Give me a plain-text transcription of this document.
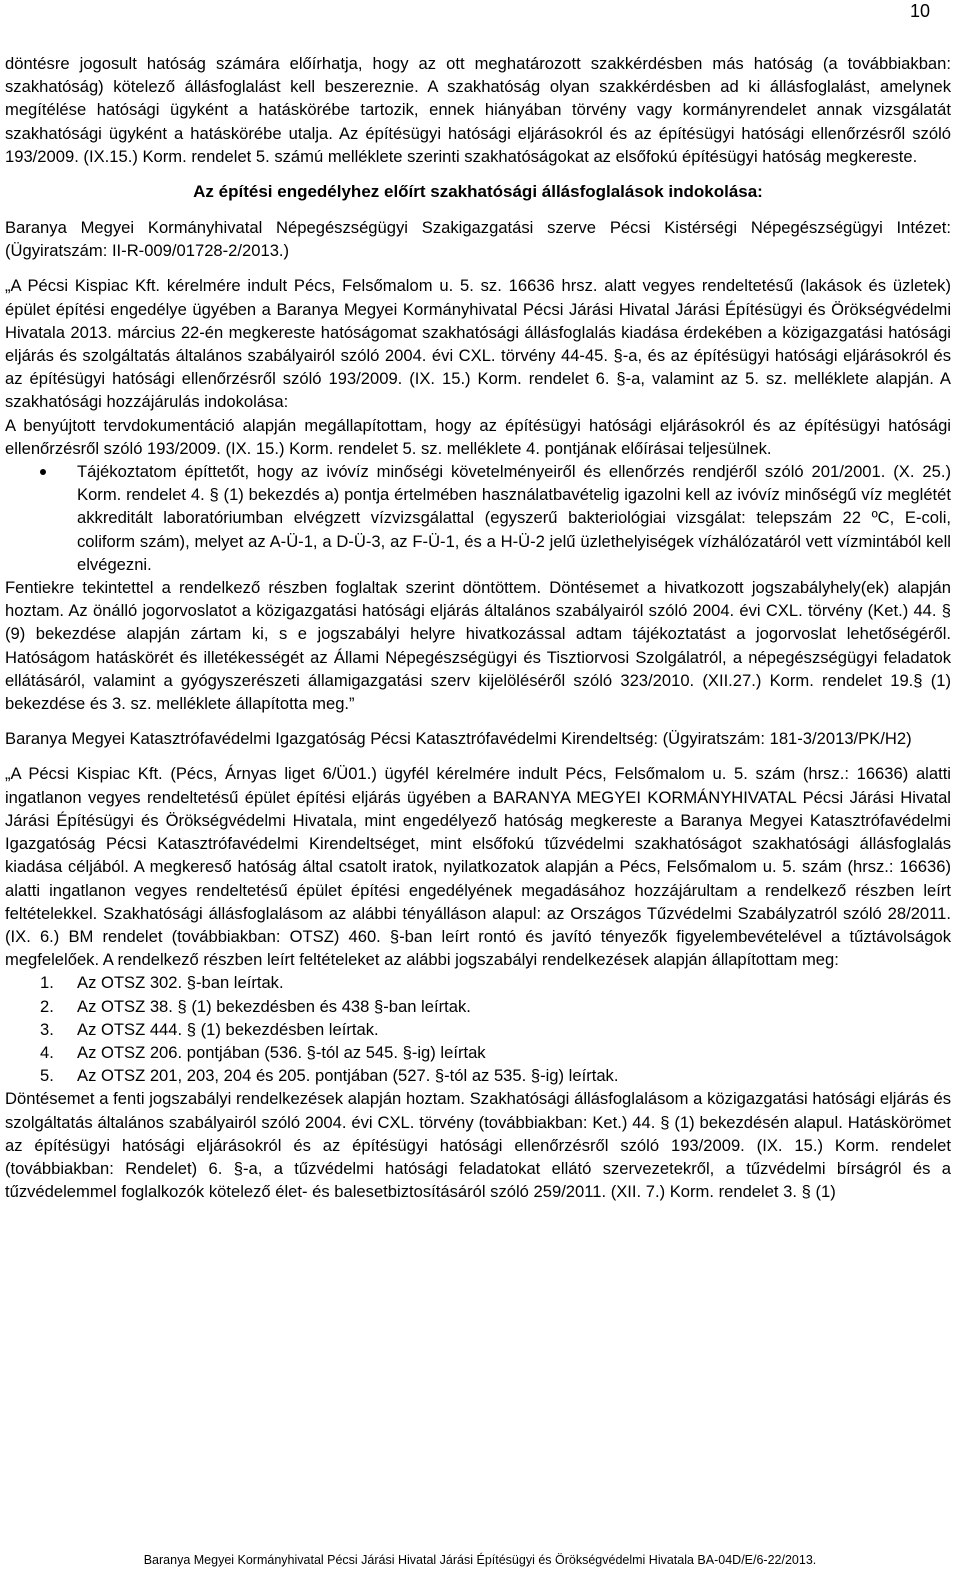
10

döntésre jogosult hatóság számára előírhatja, hogy az ott meghatározott szakkérdésben más hatóság (a továbbiakban: szakhatóság) kötelező állásfoglalást kell beszereznie. A szakhatóság olyan szakkérdésben ad ki állásfoglalást, amelynek megítélése hatósági ügyként a hatáskörébe tartozik, ennek hiányában törvény vagy kormányrendelet annak vizsgálatát szakhatósági ügyként a hatáskörébe utalja. Az építésügyi hatósági eljárásokról és az építésügyi hatósági ellenőrzésről szóló 193/2009. (IX.15.) Korm. rendelet 5. számú melléklete szerinti szakhatóságokat az elsőfokú építésügyi hatóság megkereste.

Az építési engedélyhez előírt szakhatósági állásfoglalások indokolása:

Baranya Megyei Kormányhivatal Népegészségügyi Szakigazgatási szerve Pécsi Kistérségi Népegészségügyi Intézet: (Ügyiratszám: II-R-009/01728-2/2013.)

„A Pécsi Kispiac Kft. kérelmére indult Pécs, Felsőmalom u. 5. sz. 16636 hrsz. alatt vegyes rendeltetésű (lakások és üzletek) épület építési engedélye ügyében a Baranya Megyei Kormányhivatal Pécsi Járási Hivatal Járási Építésügyi és Örökségvédelmi Hivatala 2013. március 22-én megkereste hatóságomat szakhatósági állásfoglalás kiadása érdekében a közigazgatási hatósági eljárás és szolgáltatás általános szabályairól szóló 2004. évi CXL. törvény 44-45. §-a, és az építésügyi hatósági eljárásokról és az építésügyi hatósági ellenőrzésről szóló 193/2009. (IX. 15.) Korm. rendelet 6. §-a, valamint az 5. sz. melléklete alapján. A szakhatósági hozzájárulás indokolása:

A benyújtott tervdokumentáció alapján megállapítottam, hogy az építésügyi hatósági eljárásokról és az építésügyi hatósági ellenőrzésről szóló 193/2009. (IX. 15.) Korm. rendelet 5. sz. melléklete 4. pontjának előírásai teljesülnek.

Tájékoztatom építtetőt, hogy az ivóvíz minőségi követelményeiről és ellenőrzés rendjéről szóló 201/2001. (X. 25.) Korm. rendelet 4. § (1) bekezdés a) pontja értelmében használatbavételig igazolni kell az ivóvíz minőségű víz meglétét akkreditált laboratóriumban elvégzett vízvizsgálattal (egyszerű bakteriológiai vizsgálat: telepszám 22 ºC, E-coli, coliform szám), melyet az A-Ü-1, a D-Ü-3, az F-Ü-1, és a H-Ü-2 jelű üzlethelyiségek vízhálózatáról vett vízmintából kell elvégezni.

Fentiekre tekintettel a rendelkező részben foglaltak szerint döntöttem. Döntésemet a hivatkozott jogszabályhely(ek) alapján hoztam. Az önálló jogorvoslatot a közigazgatási hatósági eljárás általános szabályairól szóló 2004. évi CXL. törvény (Ket.) 44. § (9) bekezdése alapján zártam ki, s e jogszabályi helyre hivatkozással adtam tájékoztatást a jogorvoslat lehetőségéről. Hatóságom hatáskörét és illetékességét az Állami Népegészségügyi és Tisztiorvosi Szolgálatról, a népegészségügyi feladatok ellátásáról, valamint a gyógyszerészeti államigazgatási szerv kijelöléséről szóló 323/2010. (XII.27.) Korm. rendelet 19.§ (1) bekezdése és 3. sz. melléklete állapította meg.”

Baranya Megyei Katasztrófavédelmi Igazgatóság Pécsi Katasztrófavédelmi Kirendeltség: (Ügyiratszám: 181-3/2013/PK/H2)

„A Pécsi Kispiac Kft. (Pécs, Árnyas liget 6/Ü01.) ügyfél kérelmére indult Pécs, Felsőmalom u. 5. szám (hrsz.: 16636) alatti ingatlanon vegyes rendeltetésű épület építési eljárás ügyében a BARANYA MEGYEI KORMÁNYHIVATAL Pécsi Járási Hivatal Járási Építésügyi és Örökségvédelmi Hivatala, mint engedélyező hatóság megkereste a Baranya Megyei Katasztrófavédelmi Igazgatóság Pécsi Katasztrófavédelmi Kirendeltséget, mint elsőfokú tűzvédelmi szakhatóságot szakhatósági állásfoglalás kiadása céljából. A megkereső hatóság által csatolt iratok, nyilatkozatok alapján a Pécs, Felsőmalom u. 5. szám (hrsz.: 16636) alatti ingatlanon vegyes rendeltetésű épület építési engedélyének megadásához hozzájárultam a rendelkező részben leírt feltételekkel. Szakhatósági állásfoglalásom az alábbi tényálláson alapul: az Országos Tűzvédelmi Szabályzatról szóló 28/2011. (IX. 6.) BM rendelet (továbbiakban: OTSZ) 460. §-ban leírt rontó és javító tényezők figyelembevételével a tűztávolságok megfelelőek. A rendelkező részben leírt feltételeket az alábbi jogszabályi rendelkezések alapján állapítottam meg:

1. Az OTSZ 302. §-ban leírtak.
2. Az OTSZ 38. § (1) bekezdésben és 438 §-ban leírtak.
3. Az OTSZ 444. § (1) bekezdésben leírtak.
4. Az OTSZ 206. pontjában (536. §-tól az 545. §-ig) leírtak
5. Az OTSZ 201, 203, 204 és 205. pontjában (527. §-tól az 535. §-ig) leírtak.

Döntésemet a fenti jogszabályi rendelkezések alapján hoztam. Szakhatósági állásfoglalásom a közigazgatási hatósági eljárás és szolgáltatás általános szabályairól szóló 2004. évi CXL. törvény (továbbiakban: Ket.) 44. § (1) bekezdésén alapul. Hatáskörömet az építésügyi hatósági eljárásokról és az építésügyi hatósági ellenőrzésről szóló 193/2009. (IX. 15.) Korm. rendelet (továbbiakban: Rendelet) 6. §-a, a tűzvédelmi hatósági feladatokat ellátó szervezetekről, a tűzvédelmi bírságról és a tűzvédelemmel foglalkozók kötelező élet- és balesetbiztosításáról szóló 259/2011. (XII. 7.) Korm. rendelet 3. § (1)

Baranya Megyei Kormányhivatal Pécsi Járási Hivatal Járási Építésügyi és Örökségvédelmi Hivatala BA-04D/E/6-22/2013.
